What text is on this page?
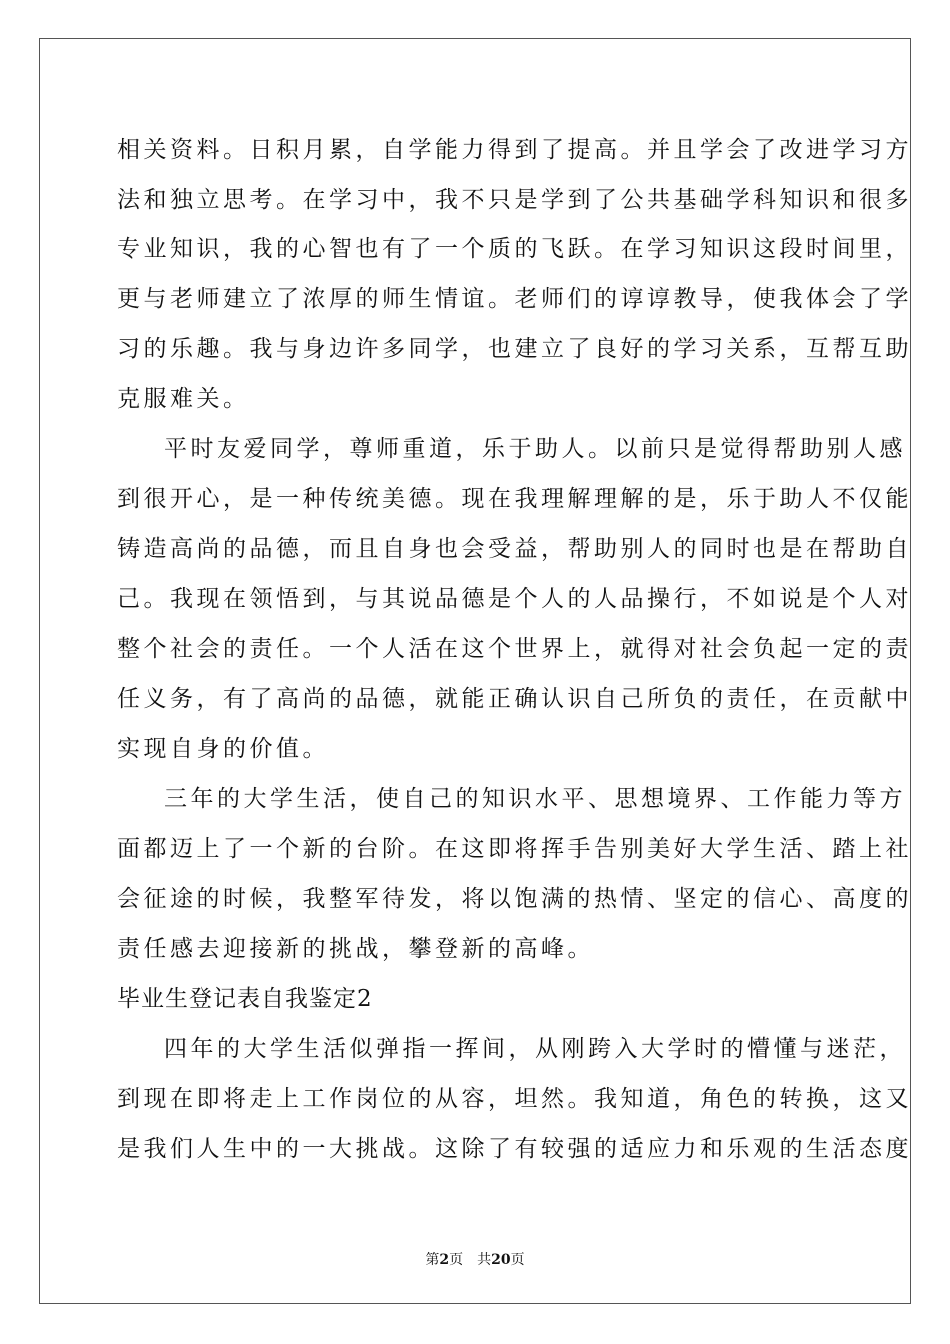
相关资料。日积月累，自学能力得到了提高。并且学会了改进学习方
法和独立思考。在学习中，我不只是学到了公共基础学科知识和很多
专业知识，我的心智也有了一个质的飞跃。在学习知识这段时间里，
更与老师建立了浓厚的师生情谊。老师们的谆谆教导，使我体会了学
习的乐趣。我与身边许多同学，也建立了良好的学习关系，互帮互助
克服难关。
平时友爱同学，尊师重道，乐于助人。以前只是觉得帮助别人感
到很开心，是一种传统美德。现在我理解理解的是，乐于助人不仅能
铸造高尚的品德，而且自身也会受益，帮助别人的同时也是在帮助自
己。我现在领悟到，与其说品德是个人的人品操行，不如说是个人对
整个社会的责任。一个人活在这个世界上，就得对社会负起一定的责
任义务，有了高尚的品德，就能正确认识自己所负的责任，在贡献中
实现自身的价值。
三年的大学生活，使自己的知识水平、思想境界、工作能力等方
面都迈上了一个新的台阶。在这即将挥手告别美好大学生活、踏上社
会征途的时候，我整军待发，将以饱满的热情、坚定的信心、高度的
责任感去迎接新的挑战，攀登新的高峰。
毕业生登记表自我鉴定2
四年的大学生活似弹指一挥间，从刚跨入大学时的懵懂与迷茫，
到现在即将走上工作岗位的从容，坦然。我知道，角色的转换，这又
是我们人生中的一大挑战。这除了有较强的适应力和乐观的生活态度
第2页 共20页
